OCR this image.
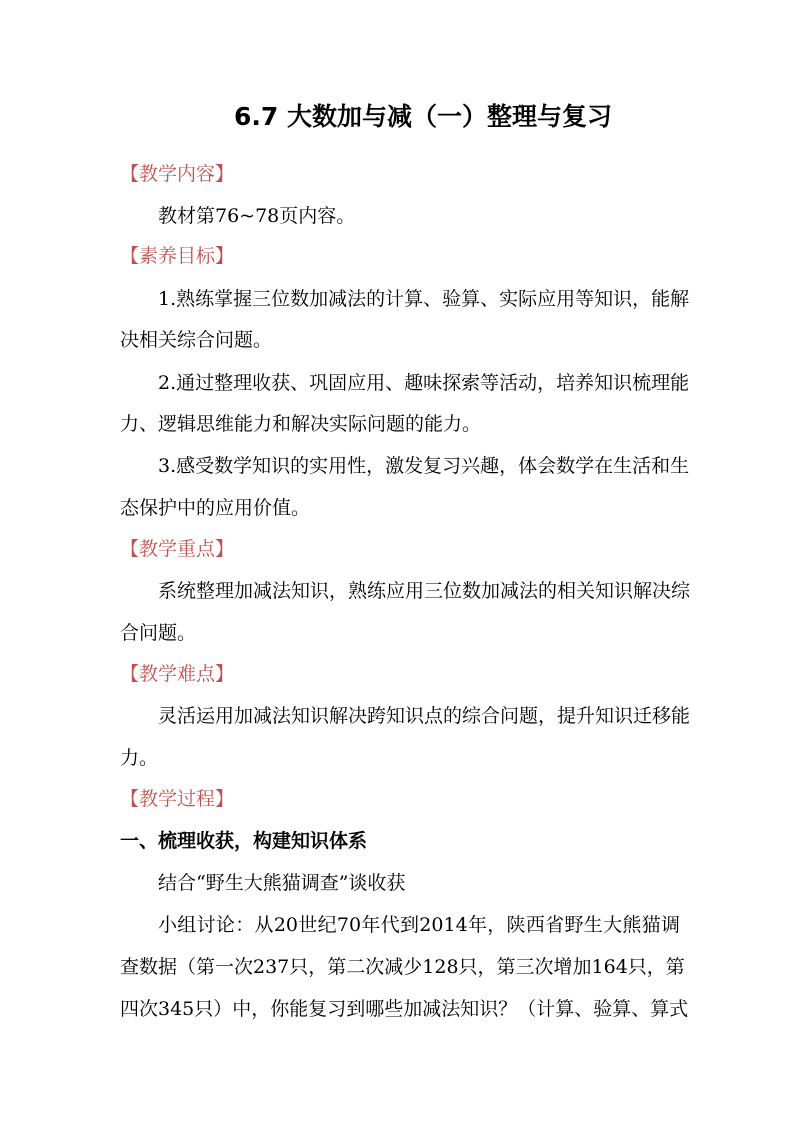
6.7 大数加与减（一）整理与复习
【教学内容】
教材第76~78页内容。
【素养目标】
1.熟练掌握三位数加减法的计算、验算、实际应用等知识，能解
决相关综合问题。
2.通过整理收获、巩固应用、趣味探索等活动，培养知识梳理能
力、逻辑思维能力和解决实际问题的能力。
3.感受数学知识的实用性，激发复习兴趣，体会数学在生活和生
态保护中的应用价值。
【教学重点】
系统整理加减法知识，熟练应用三位数加减法的相关知识解决综
合问题。
【教学难点】
灵活运用加减法知识解决跨知识点的综合问题，提升知识迁移能
力。
【教学过程】
一、梳理收获，构建知识体系
结合“野生大熊猫调查”谈收获
小组讨论：从20世纪70年代到2014年，陕西省野生大熊猫调
查数据（第一次237只，第二次减少128只，第三次增加164只，第
四次345只）中，你能复习到哪些加减法知识？（计算、验算、算式
